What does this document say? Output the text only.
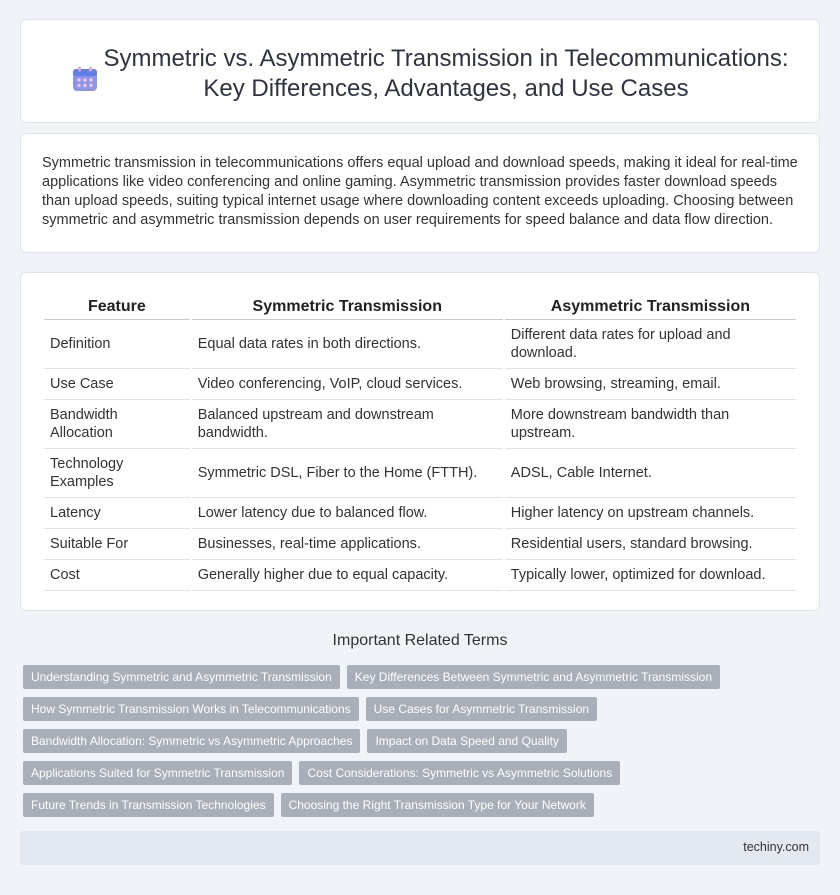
Symmetric vs. Asymmetric Transmission in Telecommunications: Key Differences, Advantages, and Use Cases

Symmetric transmission in telecommunications offers equal upload and download speeds, making it ideal for real-time applications like video conferencing and online gaming. Asymmetric transmission provides faster download speeds than upload speeds, suiting typical internet usage where downloading content exceeds uploading. Choosing between symmetric and asymmetric transmission depends on user requirements for speed balance and data flow direction.

Feature	Symmetric Transmission	Asymmetric Transmission
Definition	Equal data rates in both directions.	Different data rates for upload and download.
Use Case	Video conferencing, VoIP, cloud services.	Web browsing, streaming, email.
Bandwidth Allocation	Balanced upstream and downstream bandwidth.	More downstream bandwidth than upstream.
Technology Examples	Symmetric DSL, Fiber to the Home (FTTH).	ADSL, Cable Internet.
Latency	Lower latency due to balanced flow.	Higher latency on upstream channels.
Suitable For	Businesses, real-time applications.	Residential users, standard browsing.
Cost	Generally higher due to equal capacity.	Typically lower, optimized for download.
Important Related Terms
Understanding Symmetric and Asymmetric Transmission	Key Differences Between Symmetric and Asymmetric Transmission
How Symmetric Transmission Works in Telecommunications	Use Cases for Asymmetric Transmission
Bandwidth Allocation: Symmetric vs Asymmetric Approaches	Impact on Data Speed and Quality
Applications Suited for Symmetric Transmission	Cost Considerations: Symmetric vs Asymmetric Solutions
Future Trends in Transmission Technologies	Choosing the Right Transmission Type for Your Network
techiny.com
